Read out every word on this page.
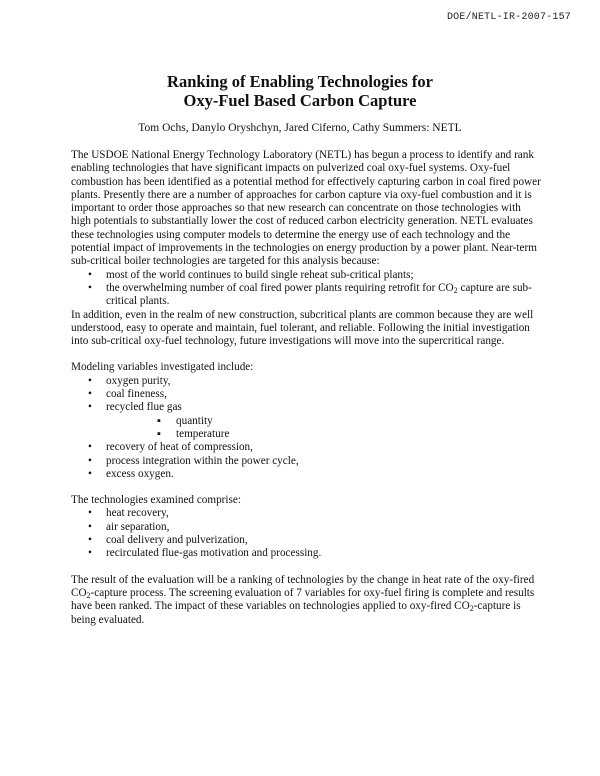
DOE/NETL-IR-2007-157
Ranking of Enabling Technologies for
Oxy-Fuel Based Carbon Capture
Tom Ochs, Danylo Oryshchyn, Jared Ciferno, Cathy Summers: NETL

The USDOE National Energy Technology Laboratory (NETL) has begun a process to identify and rank enabling technologies that have significant impacts on pulverized coal oxy-fuel systems. Oxy-fuel combustion has been identified as a potential method for effectively capturing carbon in coal fired power plants. Presently there are a number of approaches for carbon capture via oxy-fuel combustion and it is important to order those approaches so that new research can concentrate on those technologies with high potentials to substantially lower the cost of reduced carbon electricity generation. NETL evaluates these technologies using computer models to determine the energy use of each technology and the potential impact of improvements in the technologies on energy production by a power plant. Near-term sub-critical boiler technologies are targeted for this analysis because:

• most of the world continues to build single reheat sub-critical plants;
• the overwhelming number of coal fired power plants requiring retrofit for $CO_2$ capture are sub-critical plants.

In addition, even in the realm of new construction, subcritical plants are common because they are well understood, easy to operate and maintain, fuel tolerant, and reliable. Following the initial investigation into sub-critical oxy-fuel technology, future investigations will move into the supercritical range.

Modeling variables investigated include:

• oxygen purity,
• coal fineness,
• recycled flue gas
▪ quantity
▪ temperature
• recovery of heat of compression,
• process integration within the power cycle,
• excess oxygen.

The technologies examined comprise:

• heat recovery,
• air separation,
• coal delivery and pulverization,
• recirculated flue-gas motivation and processing.

The result of the evaluation will be a ranking of technologies by the change in heat rate of the oxy-fired $CO_2$-capture process. The screening evaluation of 7 variables for oxy-fuel firing is complete and results have been ranked. The impact of these variables on technologies applied to oxy-fired $CO_2$-capture is being evaluated.
